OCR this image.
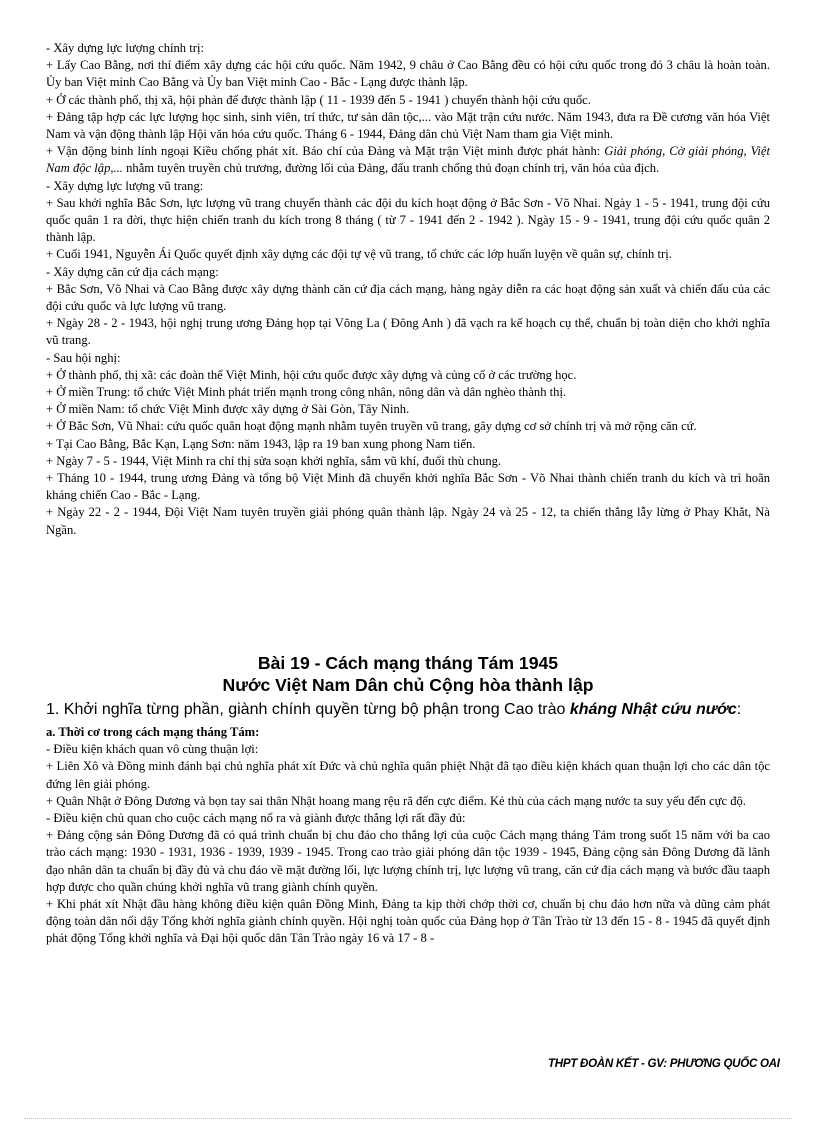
- Xây dựng lực lượng chính trị:

+ Lấy Cao Bằng, nơi thí điểm xây dựng các hội cứu quốc. Năm 1942, 9 châu ở Cao Bằng đều có hội cứu quốc trong đó 3 châu là hoàn toàn. Ủy ban Việt minh Cao Bằng và Ủy ban Việt minh Cao - Bắc - Lạng được thành lập.

+ Ở các thành phố, thị xã, hội phản đế được thành lập ( 11 - 1939 đến 5 - 1941 ) chuyển thành hội cứu quốc.

+ Đảng tập hợp các lực lượng học sinh, sinh viên, trí thức, tư sản dân tộc,... vào Mặt trận cứu nước. Năm 1943, đưa ra Đề cương văn hóa Việt Nam và vận động thành lập Hội văn hóa cứu quốc. Tháng 6 - 1944, Đảng dân chủ Việt Nam tham gia Việt minh.

+ Vận động binh lính ngoại Kiều chống phát xít. Báo chí của Đảng và Mặt trận Việt minh được phát hành: Giải phóng, Cờ giải phóng, Việt Nam độc lập,... nhằm tuyên truyền chủ trương, đường lối của Đảng, đấu tranh chống thủ đoạn chính trị, văn hóa của địch.

- Xây dựng lực lượng vũ trang:

+ Sau khởi nghĩa Bắc Sơn, lực lượng vũ trang chuyển thành các đội du kích hoạt động ở Bắc Sơn - Võ Nhai. Ngày 1 - 5 - 1941, trung đội cứu quốc quân 1 ra đời, thực hiện chiến tranh du kích trong 8 tháng ( từ 7 - 1941 đến 2 - 1942 ). Ngày 15 - 9 - 1941, trung đội cứu quốc quân 2 thành lập.

+ Cuối 1941, Nguyễn Ái Quốc quyết định xây dựng các đội tự vệ vũ trang, tổ chức các lớp huấn luyện về quân sự, chính trị.

- Xây dựng căn cứ địa cách mạng:

+ Bắc Sơn, Võ Nhai và Cao Bằng được xây dựng thành căn cứ địa cách mạng, hàng ngày diễn ra các hoạt động sản xuất và chiến đấu của các đội cứu quốc và lực lượng vũ trang.

+ Ngày 28 - 2 - 1943, hội nghị trung ương Đảng họp tại Võng La ( Đông Anh ) đã vạch ra kế hoạch cụ thể, chuẩn bị toàn diện cho khởi nghĩa vũ trang.

- Sau hội nghị:

+ Ở thành phố, thị xã: các đoàn thể Việt Minh, hội cứu quốc được xây dựng và củng cố ở các trường học.

+ Ở miền Trung: tổ chức Việt Minh phát triển mạnh trong công nhân, nông dân và dân nghèo thành thị.

+ Ở miền Nam: tổ chức Việt Minh được xây dựng ở Sài Gòn, Tây Ninh.

+ Ở Bắc Sơn, Vũ Nhai: cứu quốc quân hoạt động mạnh nhằm tuyên truyền vũ trang, gây dựng cơ sở chính trị và mở rộng căn cứ.

+ Tại Cao Bằng, Bắc Kạn, Lạng Sơn: năm 1943, lập ra 19 ban xung phong Nam tiến.

+ Ngày 7 - 5 - 1944, Việt Minh ra chỉ thị sửa soạn khởi nghĩa, sắm vũ khí, đuổi thù chung.

+ Tháng 10 - 1944, trung ương Đảng và tổng bộ Việt Minh đã chuyển khởi nghĩa Bắc Sơn - Võ Nhai thành chiến tranh du kích và trì hoãn kháng chiến Cao - Bắc - Lạng.

+ Ngày 22 - 2 - 1944, Đội Việt Nam tuyên truyền giải phóng quân thành lập. Ngày 24 và 25 - 12, ta chiến thắng lẫy lừng ở Phay Khắt, Nà Ngần.

Bài 19 - Cách mạng tháng Tám 1945

Nước Việt Nam Dân chủ Cộng hòa thành lập

1. Khởi nghĩa từng phần, giành chính quyền từng bộ phận trong Cao trào kháng Nhật cứu nước:

a. Thời cơ trong cách mạng tháng Tám:

- Điều kiện khách quan vô cùng thuận lợi:

+ Liên Xô và Đồng minh đánh bại chủ nghĩa phát xít Đức và chủ nghĩa quân phiệt Nhật đã tạo điều kiện khách quan thuận lợi cho các dân tộc đứng lên giải phóng.

+ Quân Nhật ở Đông Dương và bọn tay sai thân Nhật hoang mang rệu rã đến cực điểm. Kẻ thù của cách mạng nước ta suy yếu đến cực độ.

- Điều kiện chủ quan cho cuộc cách mạng nổ ra và giành được thắng lợi rất đầy đủ:

+ Đảng cộng sản Đông Dương đã có quá trình chuẩn bị chu đáo cho thắng lợi của cuộc Cách mạng tháng Tám trong suốt 15 năm với ba cao trào cách mạng: 1930 - 1931, 1936 - 1939, 1939 - 1945. Trong cao trào giải phóng dân tộc 1939 - 1945, Đảng cộng sản Đông Dương đã lãnh đạo nhân dân ta chuẩn bị đầy đủ và chu đáo về mặt đường lối, lực lượng chính trị, lực lượng vũ trang, căn cứ địa cách mạng và bước đầu taaph hợp được cho quần chúng khởi nghĩa vũ trang giành chính quyền.

+ Khi phát xít Nhật đầu hàng không điều kiện quân Đồng Minh, Đảng ta kịp thời chớp thời cơ, chuẩn bị chu đáo hơn nữa và dũng cảm phát động toàn dân nổi dậy Tổng khởi nghĩa giành chính quyền. Hội nghị toàn quốc của Đảng họp ở Tân Trào từ 13 đến 15 - 8 - 1945 đã quyết định phát động Tổng khởi nghĩa và Đại hội quốc dân Tân Trào ngày 16 và 17 - 8 -

THPT ĐOÀN KẾT - GV: PHƯƠNG QUỐC OAI
